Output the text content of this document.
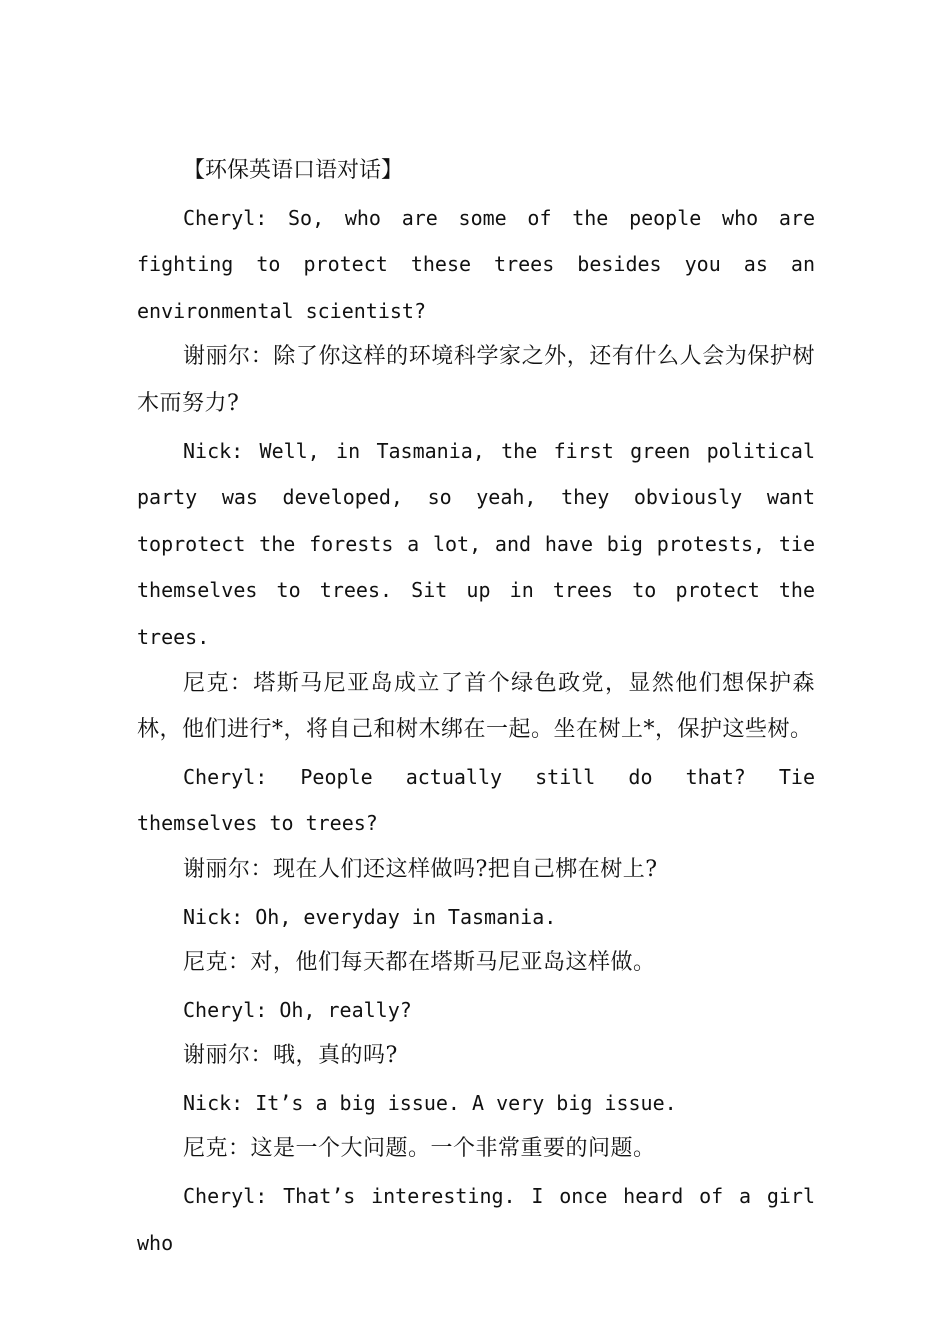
【环保英语口语对话】

Cheryl: So, who are some of the people who are fighting to protect these trees besides you as an environmental scientist?

谢丽尔：除了你这样的环境科学家之外，还有什么人会为保护树木而努力?

Nick: Well, in Tasmania, the first green political party was developed, so yeah, they obviously want toprotect the forests a lot, and have big protests, tie themselves to trees. Sit up in trees to protect the trees.

尼克：塔斯马尼亚岛成立了首个绿色政党，显然他们想保护森林，他们进行*，将自己和树木绑在一起。坐在树上*，保护这些树。

Cheryl: People actually still do that? Tie themselves to trees?

谢丽尔：现在人们还这样做吗?把自己梆在树上?

Nick: Oh, everyday in Tasmania.

尼克：对，他们每天都在塔斯马尼亚岛这样做。

Cheryl: Oh, really?

谢丽尔：哦，真的吗?

Nick: It’s a big issue. A very big issue.

尼克：这是一个大问题。一个非常重要的问题。

Cheryl: That’s interesting. I once heard of a girl who
